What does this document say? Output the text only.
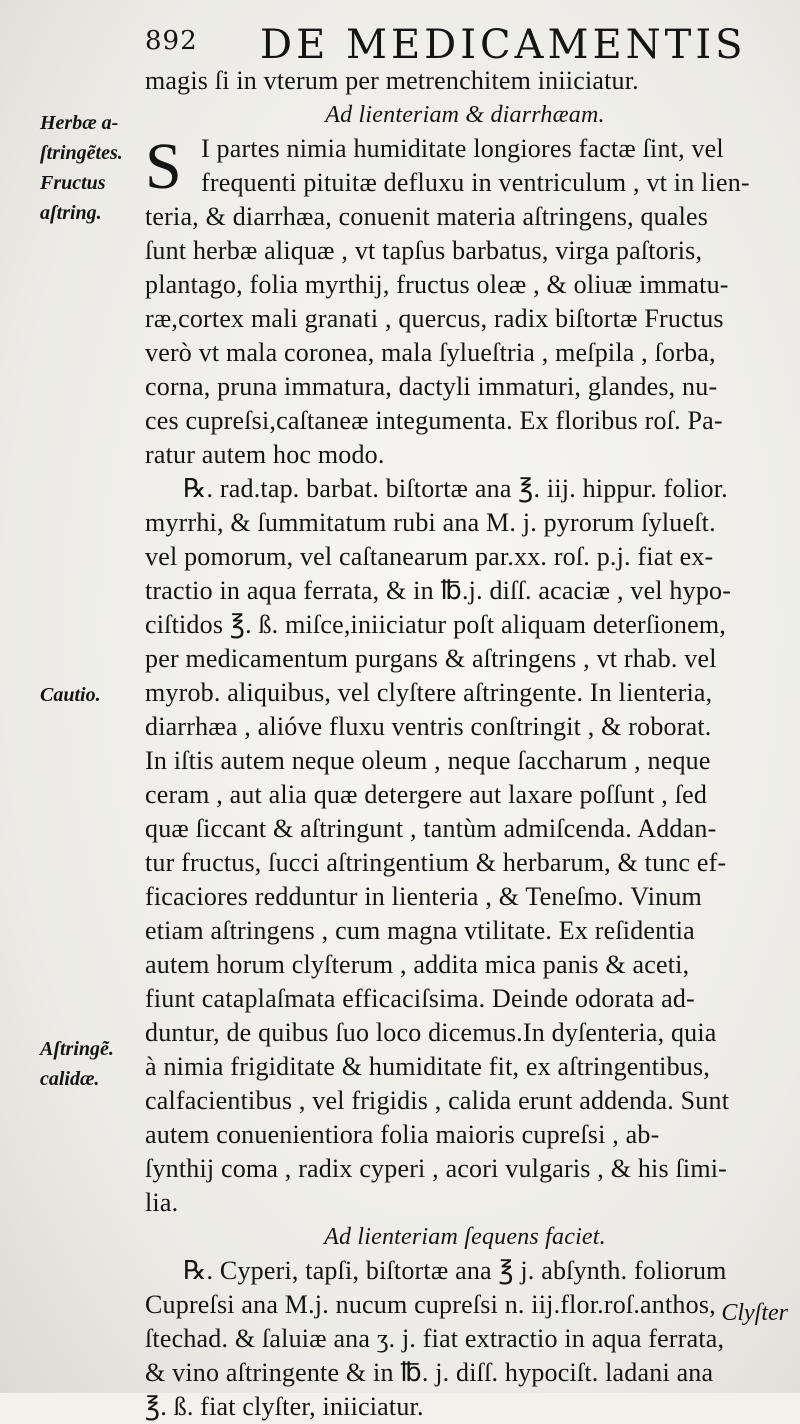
892 DE MEDICAMENTIS
Herbæ a-
ſtringẽtes.
Fructus
aſtring.
Cautio.
Aſtringẽ.
calidæ.
magis ſi in vterum per metrenchitem iniiciatur.
Ad lienteriam & diarrhæam.
S I partes nimia humiditate longiores factæ ſint, vel
frequenti pituitæ defluxu in ventriculum , vt in lien-
teria, & diarrhæa, conuenit materia aſtringens, quales
ſunt herbæ aliquæ , vt tapſus barbatus, virga paſtoris,
plantago, folia myrthij, fructus oleæ , & oliuæ immatu-
ræ,cortex mali granati , quercus, radix biſtortæ Fructus
verò vt mala coronea, mala ſylueſtria , meſpila , ſorba,
corna, pruna immatura, dactyli immaturi, glandes, nu-
ces cupreſsi,caſtaneæ integumenta. Ex floribus roſ. Pa-
ratur autem hoc modo.
℞. rad.tap. barbat. biſtortæ ana ℥. iij. hippur. folior.
myrrhi, & ſummitatum rubi ana M. j. pyrorum ſylueſt.
vel pomorum, vel caſtanearum par.xx. roſ. p.j. fiat ex-
tractio in aqua ferrata, & in ℔.j. diſſ. acaciæ , vel hypo-
ciſtidos ℥. ß. miſce,iniiciatur poſt aliquam deterſionem,
per medicamentum purgans & aſtringens , vt rhab. vel
myrob. aliquibus, vel clyſtere aſtringente. In lienteria,
diarrhæa , alióve fluxu ventris conſtringit , & roborat.
In iſtis autem neque oleum , neque ſaccharum , neque
ceram , aut alia quæ detergere aut laxare poſſunt , ſed
quæ ſiccant & aſtringunt , tantùm admiſcenda. Addan-
tur fructus, ſucci aſtringentium & herbarum, & tunc ef-
ficaciores redduntur in lienteria , & Teneſmo. Vinum
etiam aſtringens , cum magna vtilitate. Ex reſidentia
autem horum clyſterum , addita mica panis & aceti,
fiunt cataplaſmata efficaciſsima. Deinde odorata ad-
duntur, de quibus ſuo loco dicemus.In dyſenteria, quia
à nimia frigiditate & humiditate fit, ex aſtringentibus,
calfacientibus , vel frigidis , calida erunt addenda. Sunt
autem conuenientiora folia maioris cupreſsi , ab-
ſynthij coma , radix cyperi , acori vulgaris , & his ſimi-
lia.
Ad lienteriam ſequens faciet.
℞. Cyperi, tapſi, biſtortæ ana ℥ j. abſynth. foliorum
Cupreſsi ana M.j. nucum cupreſsi n. iij.flor.roſ.anthos,
ſtechad. & ſaluiæ ana ʒ. j. fiat extractio in aqua ferrata,
& vino aſtringente & in ℔. j. diſſ. hypociſt. ladani ana
℥. ß. fiat clyſter, iniiciatur.
Clyſter
